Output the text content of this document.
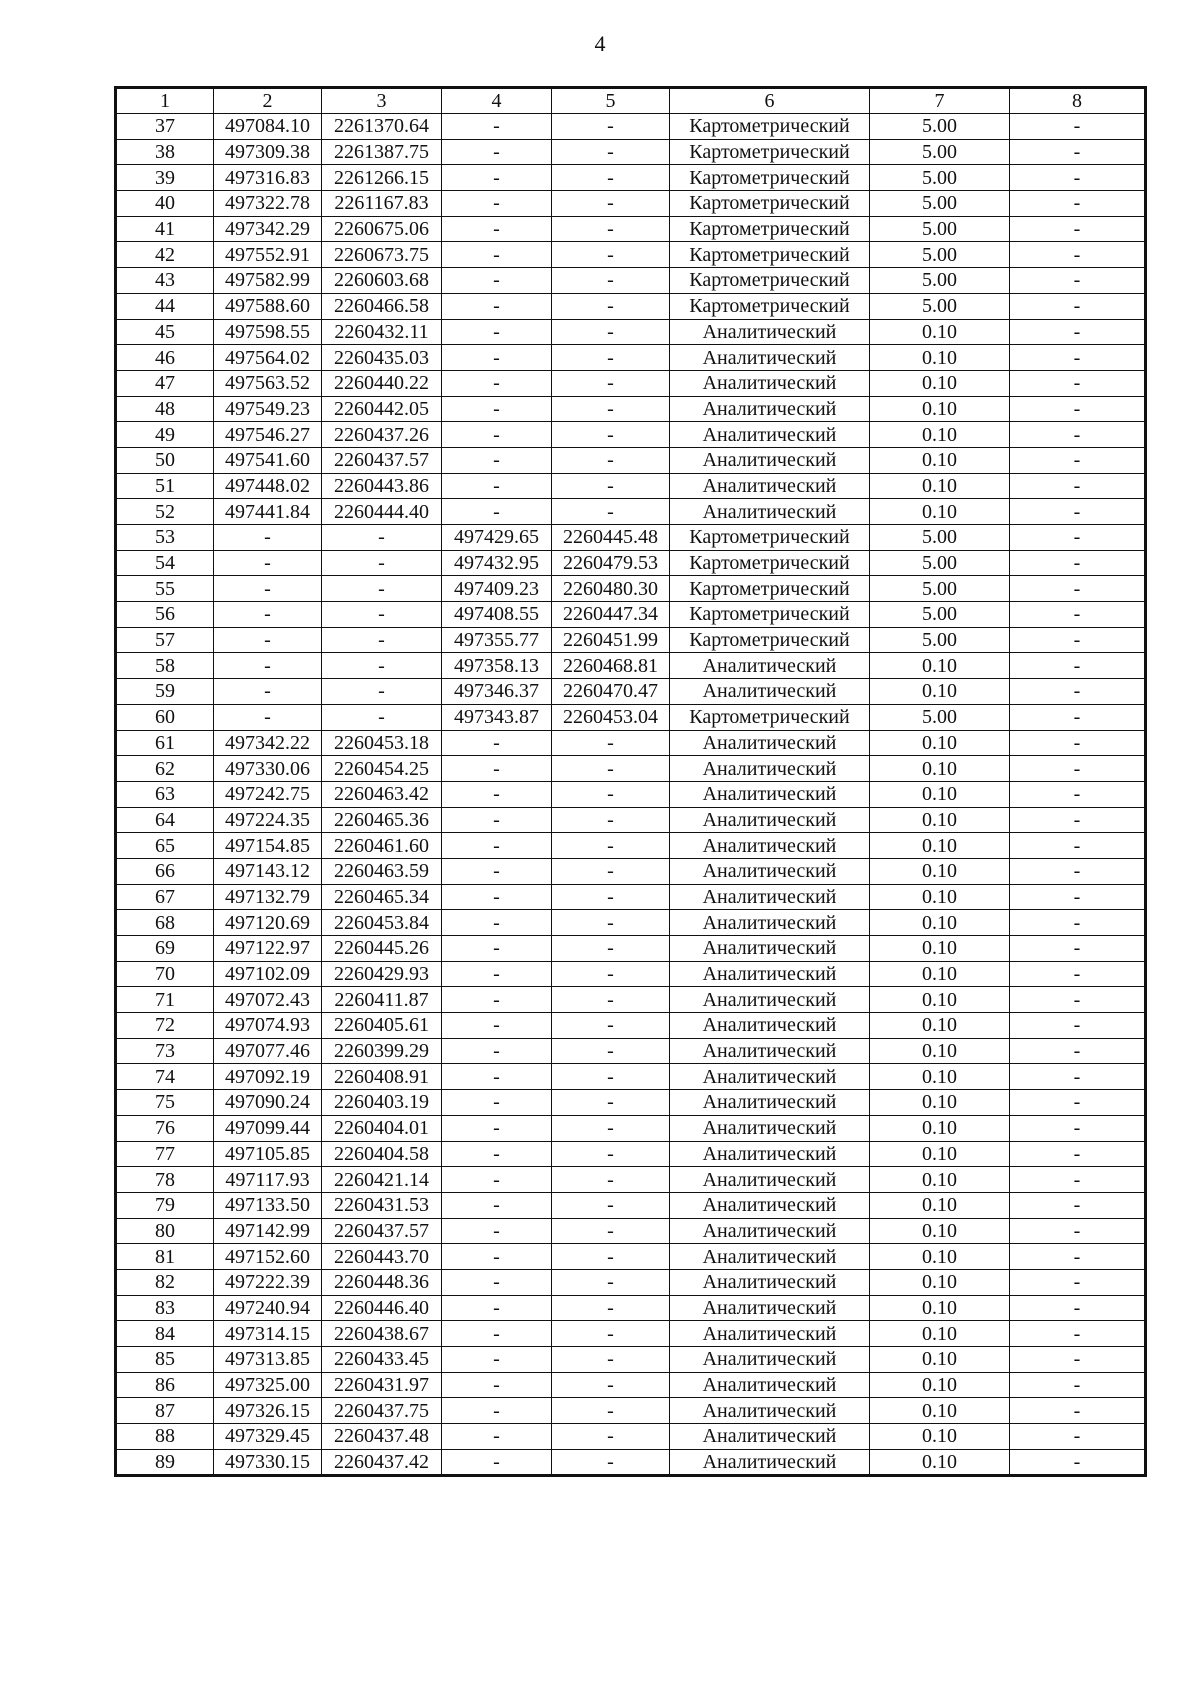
4
1	2	3	4	5	6	7	8
37	497084.10	2261370.64	-	-	Картометрический	5.00	-
38	497309.38	2261387.75	-	-	Картометрический	5.00	-
39	497316.83	2261266.15	-	-	Картометрический	5.00	-
40	497322.78	2261167.83	-	-	Картометрический	5.00	-
41	497342.29	2260675.06	-	-	Картометрический	5.00	-
42	497552.91	2260673.75	-	-	Картометрический	5.00	-
43	497582.99	2260603.68	-	-	Картометрический	5.00	-
44	497588.60	2260466.58	-	-	Картометрический	5.00	-
45	497598.55	2260432.11	-	-	Аналитический	0.10	-
46	497564.02	2260435.03	-	-	Аналитический	0.10	-
47	497563.52	2260440.22	-	-	Аналитический	0.10	-
48	497549.23	2260442.05	-	-	Аналитический	0.10	-
49	497546.27	2260437.26	-	-	Аналитический	0.10	-
50	497541.60	2260437.57	-	-	Аналитический	0.10	-
51	497448.02	2260443.86	-	-	Аналитический	0.10	-
52	497441.84	2260444.40	-	-	Аналитический	0.10	-
53	-	-	497429.65	2260445.48	Картометрический	5.00	-
54	-	-	497432.95	2260479.53	Картометрический	5.00	-
55	-	-	497409.23	2260480.30	Картометрический	5.00	-
56	-	-	497408.55	2260447.34	Картометрический	5.00	-
57	-	-	497355.77	2260451.99	Картометрический	5.00	-
58	-	-	497358.13	2260468.81	Аналитический	0.10	-
59	-	-	497346.37	2260470.47	Аналитический	0.10	-
60	-	-	497343.87	2260453.04	Картометрический	5.00	-
61	497342.22	2260453.18	-	-	Аналитический	0.10	-
62	497330.06	2260454.25	-	-	Аналитический	0.10	-
63	497242.75	2260463.42	-	-	Аналитический	0.10	-
64	497224.35	2260465.36	-	-	Аналитический	0.10	-
65	497154.85	2260461.60	-	-	Аналитический	0.10	-
66	497143.12	2260463.59	-	-	Аналитический	0.10	-
67	497132.79	2260465.34	-	-	Аналитический	0.10	-
68	497120.69	2260453.84	-	-	Аналитический	0.10	-
69	497122.97	2260445.26	-	-	Аналитический	0.10	-
70	497102.09	2260429.93	-	-	Аналитический	0.10	-
71	497072.43	2260411.87	-	-	Аналитический	0.10	-
72	497074.93	2260405.61	-	-	Аналитический	0.10	-
73	497077.46	2260399.29	-	-	Аналитический	0.10	-
74	497092.19	2260408.91	-	-	Аналитический	0.10	-
75	497090.24	2260403.19	-	-	Аналитический	0.10	-
76	497099.44	2260404.01	-	-	Аналитический	0.10	-
77	497105.85	2260404.58	-	-	Аналитический	0.10	-
78	497117.93	2260421.14	-	-	Аналитический	0.10	-
79	497133.50	2260431.53	-	-	Аналитический	0.10	-
80	497142.99	2260437.57	-	-	Аналитический	0.10	-
81	497152.60	2260443.70	-	-	Аналитический	0.10	-
82	497222.39	2260448.36	-	-	Аналитический	0.10	-
83	497240.94	2260446.40	-	-	Аналитический	0.10	-
84	497314.15	2260438.67	-	-	Аналитический	0.10	-
85	497313.85	2260433.45	-	-	Аналитический	0.10	-
86	497325.00	2260431.97	-	-	Аналитический	0.10	-
87	497326.15	2260437.75	-	-	Аналитический	0.10	-
88	497329.45	2260437.48	-	-	Аналитический	0.10	-
89	497330.15	2260437.42	-	-	Аналитический	0.10	-
